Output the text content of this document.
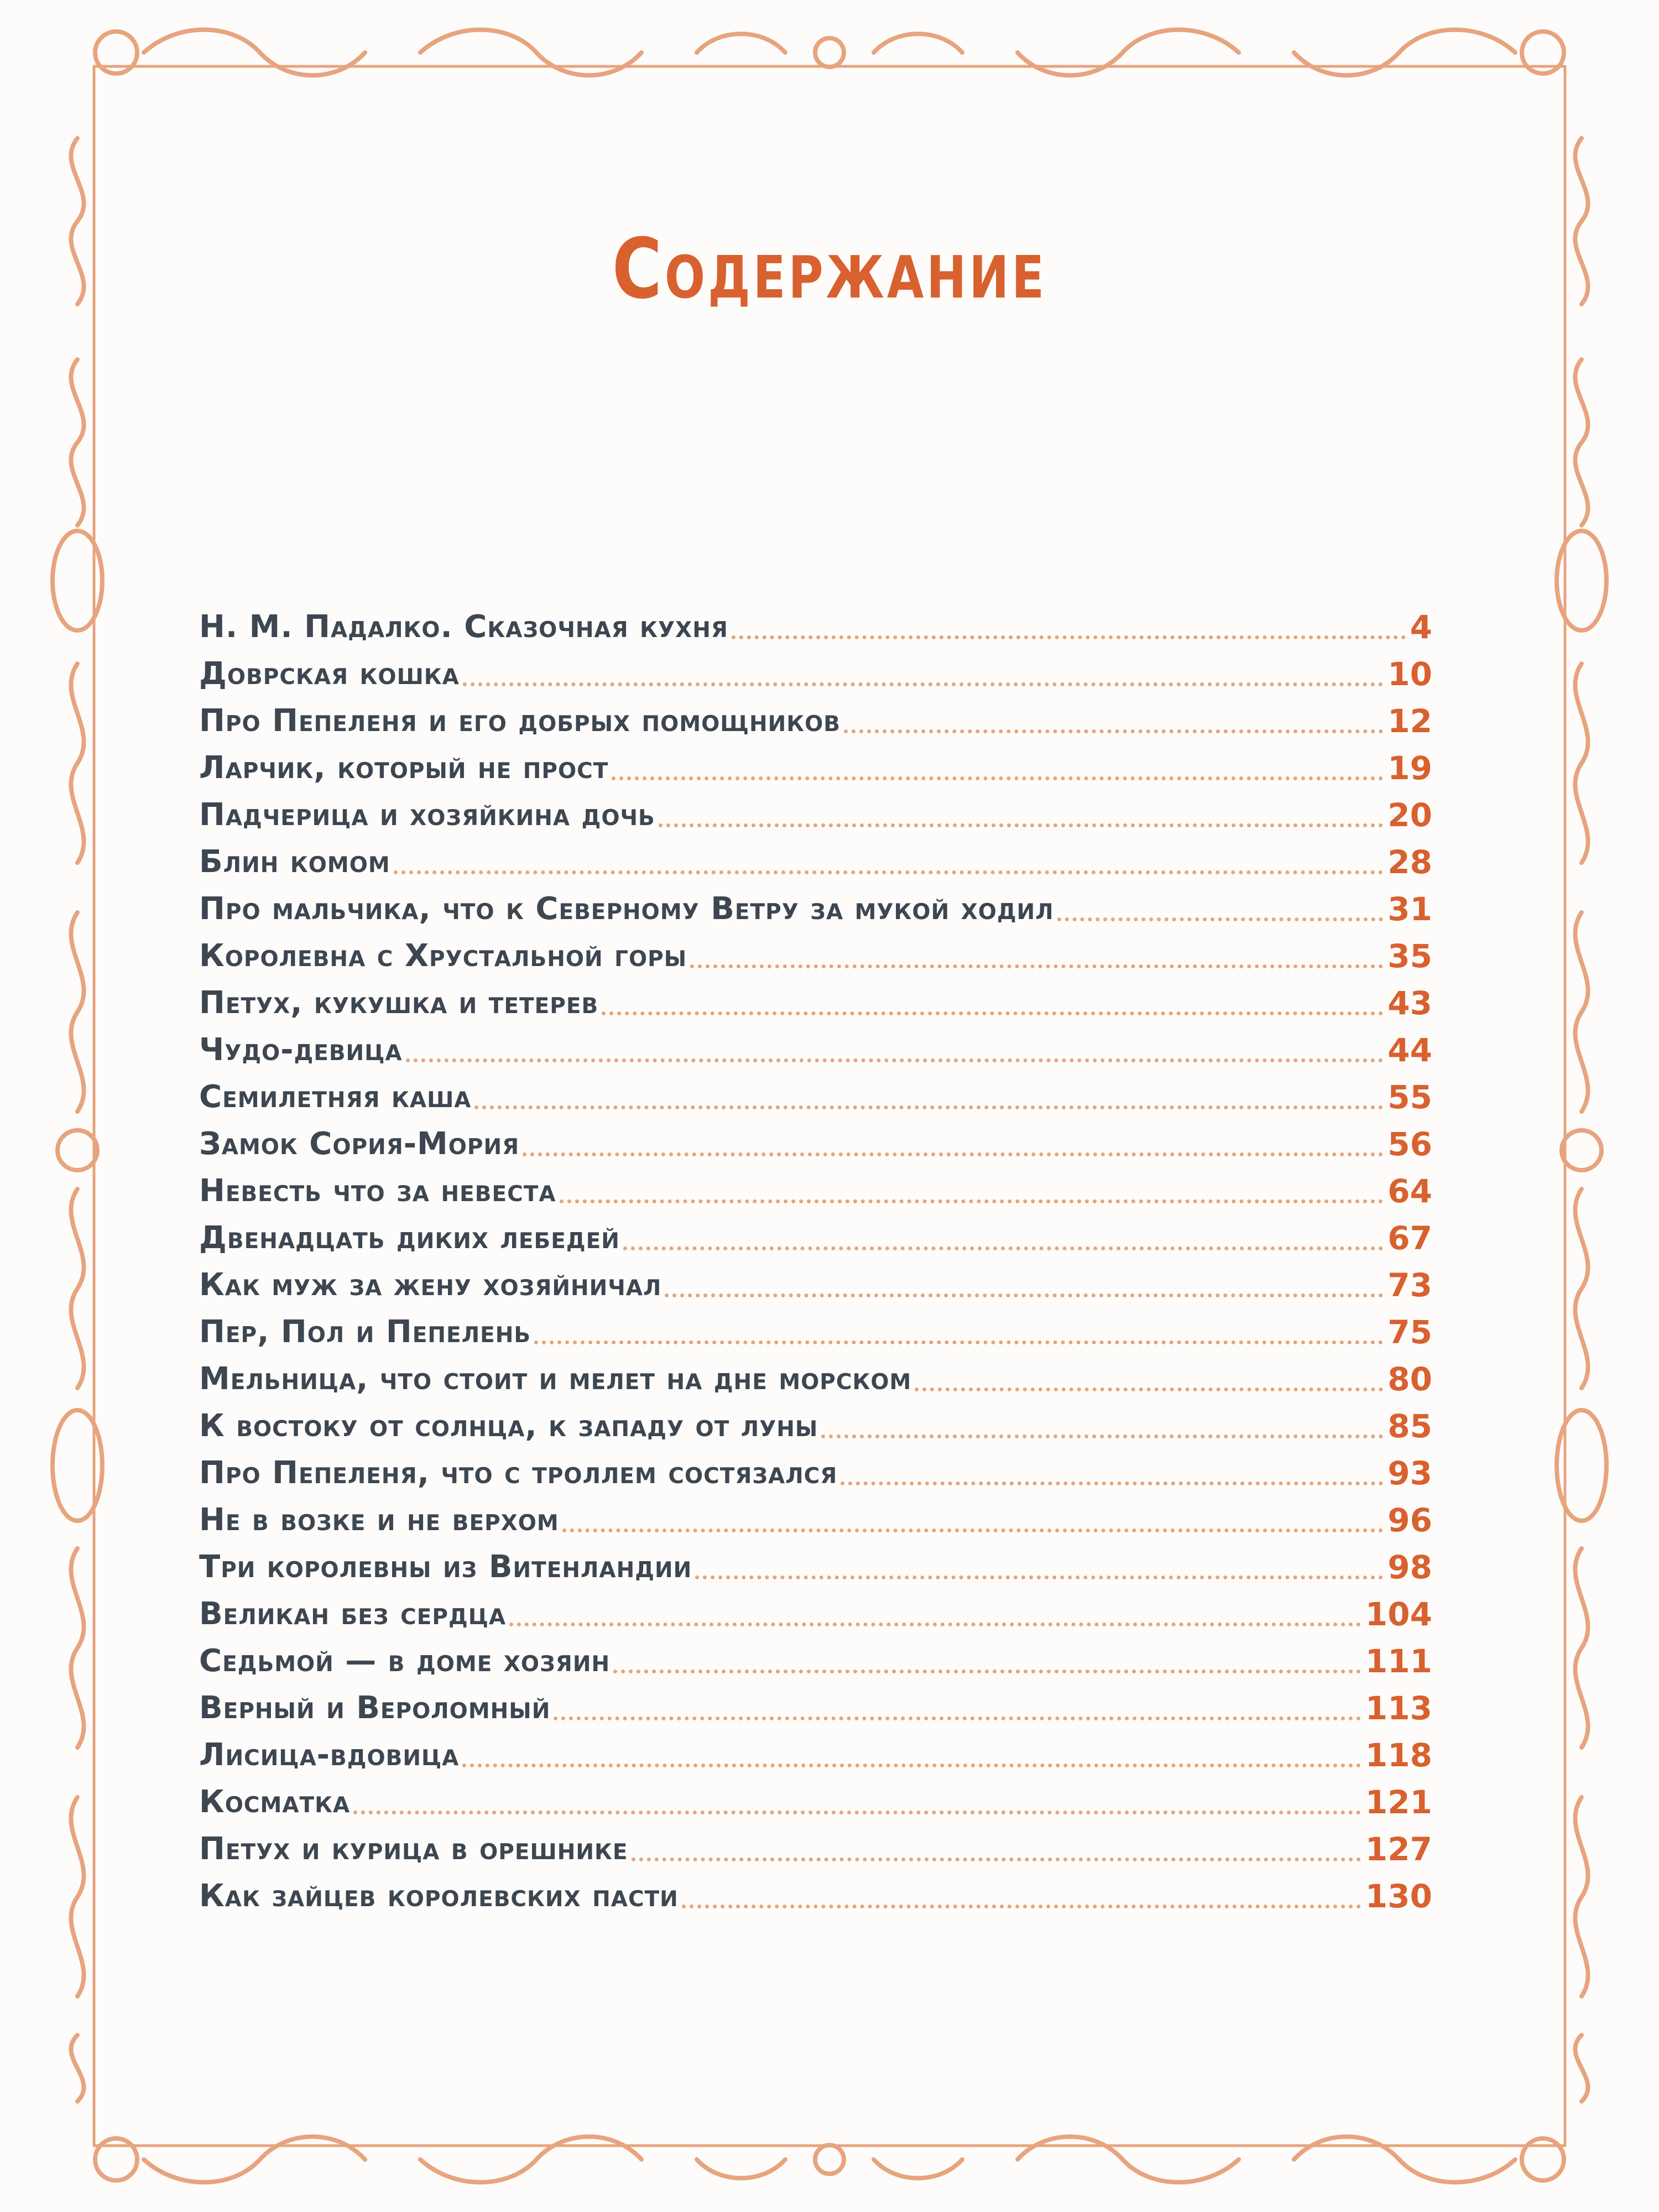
Содержание
Н. М. Падалко. Сказочная кухня	4
Доврская кошка	10
Про Пепеленя и его добрых помощников	12
Ларчик, который не прост	19
Падчерица и хозяйкина дочь	20
Блин комом	28
Про мальчика, что к Северному Ветру за мукой ходил	31
Королевна с Хрустальной горы	35
Петух, кукушка и тетерев	43
Чудо-девица	44
Семилетняя каша	55
Замок Сория-Мория	56
Невесть что за невеста	64
Двенадцать диких лебедей	67
Как муж за жену хозяйничал	73
Пер, Пол и Пепелень	75
Мельница, что стоит и мелет на дне морском	80
К востоку от солнца, к западу от луны	85
Про Пепеленя, что с троллем состязался	93
Не в возке и не верхом	96
Три королевны из Витенландии	98
Великан без сердца	104
Седьмой — в доме хозяин	111
Верный и Вероломный	113
Лисица-вдовица	118
Косматка	121
Петух и курица в орешнике	127
Как зайцев королевских пасти	130
